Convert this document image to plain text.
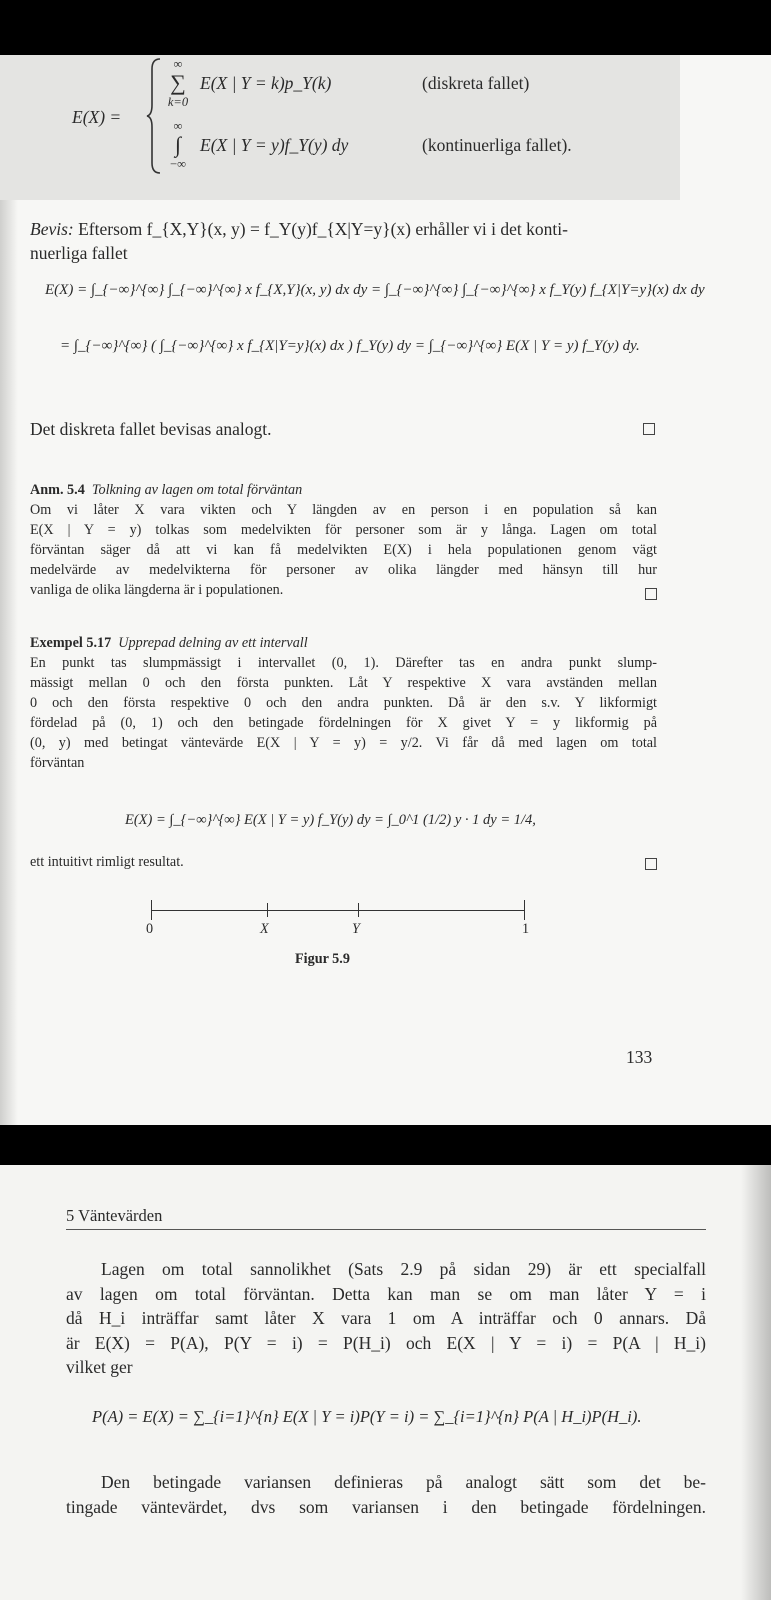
E(X) =
∞
∑
k=0
E(X | Y = k)p_Y(k)	(diskreta fallet)
∞
∫
−∞
E(X | Y = y)f_Y(y) dy	(kontinuerliga fallet).
Bevis: Eftersom f_{X,Y}(x, y) = f_Y(y)f_{X|Y=y}(x) erhåller vi i det konti-
nuerliga fallet
E(X) = ∫_{−∞}^{∞} ∫_{−∞}^{∞} x f_{X,Y}(x, y) dx dy = ∫_{−∞}^{∞} ∫_{−∞}^{∞} x f_Y(y) f_{X|Y=y}(x) dx dy
= ∫_{−∞}^{∞} ( ∫_{−∞}^{∞} x f_{X|Y=y}(x) dx ) f_Y(y) dy = ∫_{−∞}^{∞} E(X | Y = y) f_Y(y) dy.
Det diskreta fallet bevisas analogt.
Anm. 5.4 Tolkning av lagen om total förväntan
Om vi låter X vara vikten och Y längden av en person i en population så kan
E(X | Y = y) tolkas som medelvikten för personer som är y långa. Lagen om total
förväntan säger då att vi kan få medelvikten E(X) i hela populationen genom vägt
medelvärde av medelvikterna för personer av olika längder med hänsyn till hur
vanliga de olika längderna är i populationen.
Exempel 5.17 Upprepad delning av ett intervall
En punkt tas slumpmässigt i intervallet (0, 1). Därefter tas en andra punkt slump-
mässigt mellan 0 och den första punkten. Låt Y respektive X vara avständen mellan
0 och den första respektive 0 och den andra punkten. Då är den s.v. Y likformigt
fördelad på (0, 1) och den betingade fördelningen för X givet Y = y likformig på
(0, y) med betingat väntevärde E(X | Y = y) = y/2. Vi får då med lagen om total
förväntan
E(X) = ∫_{−∞}^{∞} E(X | Y = y) f_Y(y) dy = ∫_0^1 (1/2) y · 1 dy = 1/4,
ett intuitivt rimligt resultat.
0	X	Y	1
Figur 5.9
133
5 Väntevärden
Lagen om total sannolikhet (Sats 2.9 på sidan 29) är ett specialfall
av lagen om total förväntan. Detta kan man se om man låter Y = i
då H_i inträffar samt låter X vara 1 om A inträffar och 0 annars. Då
är E(X) = P(A), P(Y = i) = P(H_i) och E(X | Y = i) = P(A | H_i)
vilket ger
P(A) = E(X) = ∑_{i=1}^{n} E(X | Y = i)P(Y = i) = ∑_{i=1}^{n} P(A | H_i)P(H_i).
Den betingade variansen definieras på analogt sätt som det be-
tingade väntevärdet, dvs som variansen i den betingade fördelningen.
